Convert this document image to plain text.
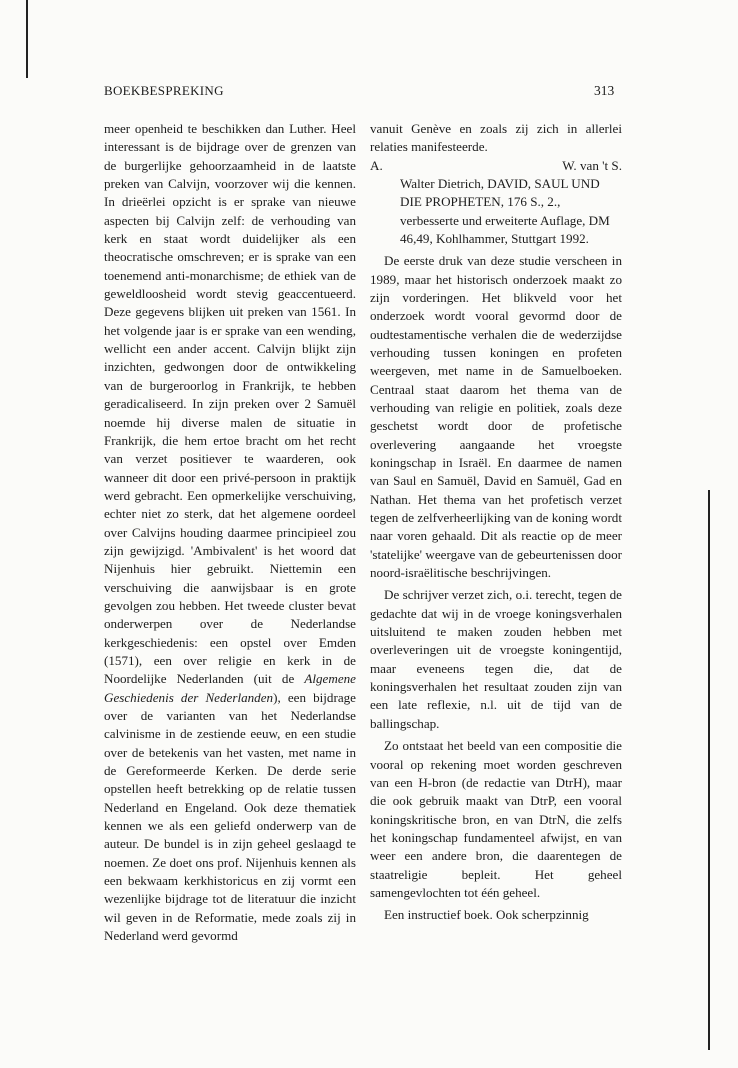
BOEKBESPREKING	313

meer openheid te beschikken dan Luther. Heel interessant is de bijdrage over de grenzen van de burgerlijke gehoorzaamheid in de laatste preken van Calvijn, voorzover wij die kennen. In drieërlei opzicht is er sprake van nieuwe aspecten bij Calvijn zelf: de verhouding van kerk en staat wordt duidelijker als een theocratische omschreven; er is sprake van een toenemend anti-monarchisme; de ethiek van de geweldloosheid wordt stevig geaccentueerd. Deze gegevens blijken uit preken van 1561. In het volgende jaar is er sprake van een wending, wellicht een ander accent. Calvijn blijkt zijn inzichten, gedwongen door de ontwikkeling van de burgeroorlog in Frankrijk, te hebben geradicaliseerd. In zijn preken over 2 Samuël noemde hij diverse malen de situatie in Frankrijk, die hem ertoe bracht om het recht van verzet positiever te waarderen, ook wanneer dit door een privé-persoon in praktijk werd gebracht. Een opmerkelijke verschuiving, echter niet zo sterk, dat het algemene oordeel over Calvijns houding daarmee principieel zou zijn gewijzigd. 'Ambivalent' is het woord dat Nijenhuis hier gebruikt. Niettemin een verschuiving die aanwijsbaar is en grote gevolgen zou hebben. Het tweede cluster bevat onderwerpen over de Nederlandse kerkgeschiedenis: een opstel over Emden (1571), een over religie en kerk in de Noordelijke Nederlanden (uit de Algemene Geschiedenis der Nederlanden), een bijdrage over de varianten van het Nederlandse calvinisme in de zestiende eeuw, en een studie over de betekenis van het vasten, met name in de Gereformeerde Kerken. De derde serie opstellen heeft betrekking op de relatie tussen Nederland en Engeland. Ook deze thematiek kennen we als een geliefd onderwerp van de auteur. De bundel is in zijn geheel geslaagd te noemen. Ze doet ons prof. Nijenhuis kennen als een bekwaam kerkhistoricus en zij vormt een wezenlijke bijdrage tot de literatuur die inzicht wil geven in de Reformatie, mede zoals zij in Nederland werd gevormd

vanuit Genève en zoals zij zich in allerlei relaties manifesteerde.

A.	W. van 't S.

Walter Dietrich, DAVID, SAUL UND DIE PROPHETEN, 176 S., 2., verbesserte und erweiterte Auflage, DM 46,49, Kohlhammer, Stuttgart 1992.

De eerste druk van deze studie verscheen in 1989, maar het historisch onderzoek maakt zo zijn vorderingen. Het blikveld voor het onderzoek wordt vooral gevormd door de oudtestamentische verhalen die de wederzijdse verhouding tussen koningen en profeten weergeven, met name in de Samuelboeken. Centraal staat daarom het thema van de verhouding van religie en politiek, zoals deze geschetst wordt door de profetische overlevering aangaande het vroegste koningschap in Israël. En daarmee de namen van Saul en Samuël, David en Samuël, Gad en Nathan. Het thema van het profetisch verzet tegen de zelfverheerlijking van de koning wordt naar voren gehaald. Dit als reactie op de meer 'statelijke' weergave van de gebeurtenissen door noord-israëlitische beschrijvingen.

De schrijver verzet zich, o.i. terecht, tegen de gedachte dat wij in de vroege koningsverhalen uitsluitend te maken zouden hebben met overleveringen uit de vroegste koningentijd, maar eveneens tegen die, dat de koningsverhalen het resultaat zouden zijn van een late reflexie, n.l. uit de tijd van de ballingschap.

Zo ontstaat het beeld van een compositie die vooral op rekening moet worden geschreven van een H-bron (de redactie van DtrH), maar die ook gebruik maakt van DtrP, een vooral koningskritische bron, en van DtrN, die zelfs het koningschap fundamenteel afwijst, en van weer een andere bron, die daarentegen de staatreligie bepleit. Het geheel samengevlochten tot één geheel.

Een instructief boek. Ook scherpzinnig
